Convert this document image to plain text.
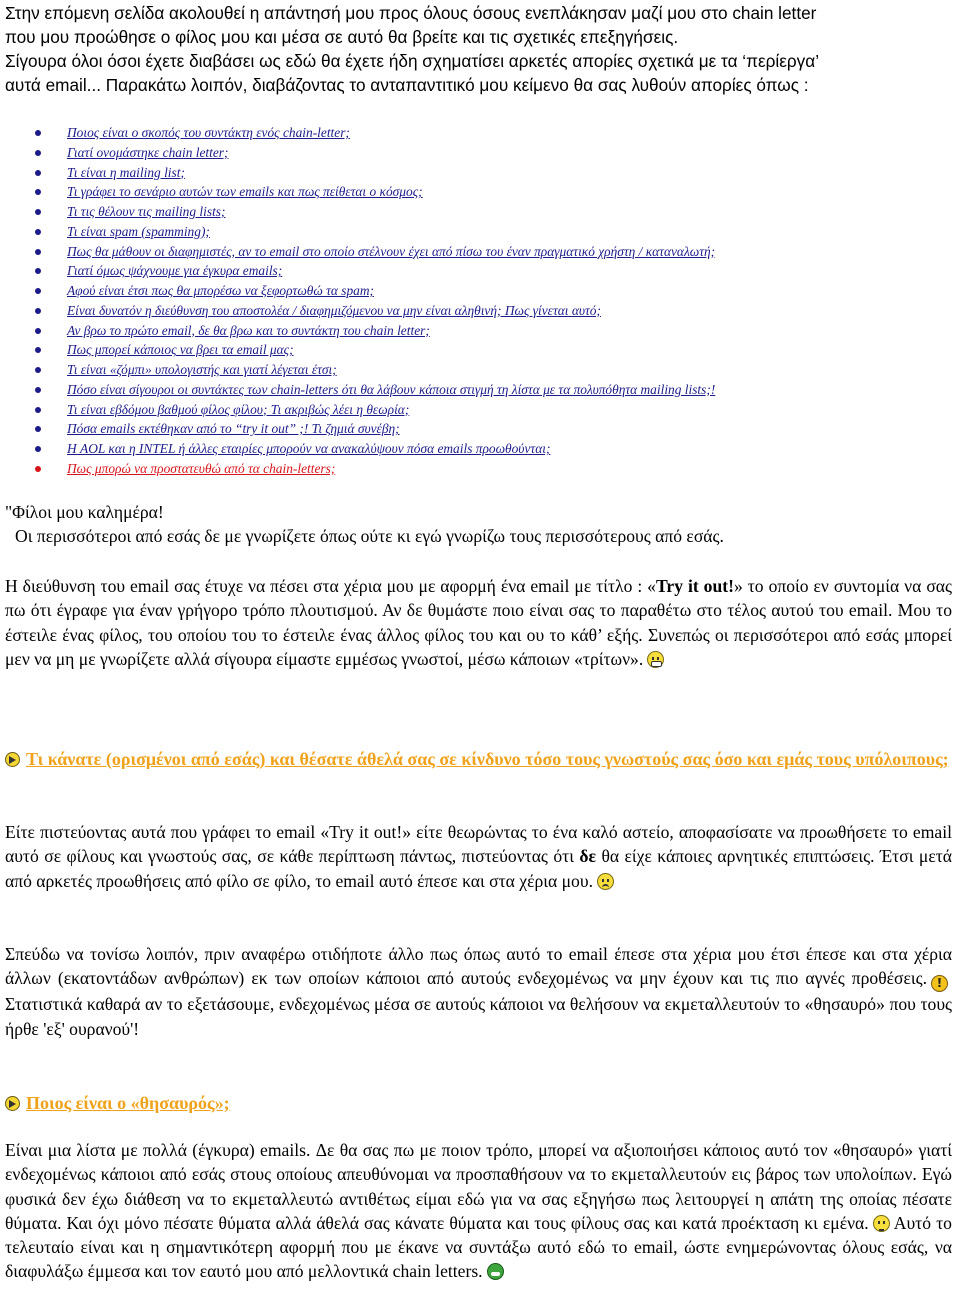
Στην επόμενη σελίδα ακολουθεί η απάντησή μου προς όλους όσους ενεπλάκησαν μαζί μου στο chain letter
που μου προώθησε ο φίλος μου και μέσα σε αυτό θα βρείτε και τις σχετικές επεξηγήσεις.
Σίγουρα όλοι όσοι έχετε διαβάσει ως εδώ θα έχετε ήδη σχηματίσει αρκετές απορίες σχετικά με τα ‘περίεργα’
αυτά email... Παρακάτω λοιπόν, διαβάζοντας το ανταπαντιτικό μου κείμενο θα σας λυθούν απορίες όπως :
Ποιος είναι ο σκοπός του συντάκτη ενός chain-letter;
Γιατί ονομάστηκε chain letter;
Τι είναι η mailing list;
Τι γράφει το σενάριο αυτών των emails και πως πείθεται ο κόσμος;
Τι τις θέλουν τις mailing lists;
Τι είναι spam (spamming);
Πως θα μάθουν οι διαφημιστές, αν το email στο οποίο στέλνουν έχει από πίσω του έναν πραγματικό χρήστη / καταναλωτή;
Γιατί όμως ψάχνουμε για έγκυρα emails;
Αφού είναι έτσι πως θα μπορέσω να ξεφορτωθώ τα spam;
Είναι δυνατόν η διεύθυνση του αποστολέα / διαφημιζόμενου να μην είναι αληθινή; Πως γίνεται αυτό;
Αν βρω το πρώτο email, δε θα βρω και το συντάκτη του chain letter;
Πως μπορεί κάποιος να βρει τα email μας;
Τι είναι «ζόμπι» υπολογιστής και γιατί λέγεται έτσι;
Πόσο είναι σίγουροι οι συντάκτες των chain-letters ότι θα λάβουν κάποια στιγμή τη λίστα με τα πολυπόθητα mailing lists;!
Τι είναι εβδόμου βαθμού φίλος φίλου; Τι ακριβώς λέει η θεωρία;
Πόσα emails εκτέθηκαν από το “try it out” ;! Τι ζημιά συνέβη;
Η AOL και η INTEL ή άλλες εταιρίες μπορούν να ανακαλύψουν πόσα emails προωθούνται;
Πως μπορώ να προστατευθώ από τα chain-letters;

"Φίλοι μου καλημέρα!

Οι περισσότεροι από εσάς δε με γνωρίζετε όπως ούτε κι εγώ γνωρίζω τους περισσότερους από εσάς.

Η διεύθυνση του email σας έτυχε να πέσει στα χέρια μου με αφορμή ένα email με τίτλο : «Try it out!» το οποίο εν συντομία να σας πω ότι έγραφε για έναν γρήγορο τρόπο πλουτισμού. Αν δε θυμάστε ποιο είναι σας το παραθέτω στο τέλος αυτού του email. Μου το έστειλε ένας φίλος, του οποίου του το έστειλε ένας άλλος φίλος του και ου το κάθ’ εξής. Συνεπώς οι περισσότεροι από εσάς μπορεί μεν να μη με γνωρίζετε αλλά σίγουρα είμαστε εμμέσως γνωστοί, μέσω κάποιων «τρίτων».

Τι κάνατε (ορισμένοι από εσάς) και θέσατε άθελά σας σε κίνδυνο τόσο τους γνωστούς σας όσο και εμάς τους υπόλοιπους;

Είτε πιστεύοντας αυτά που γράφει το email «Try it out!» είτε θεωρώντας το ένα καλό αστείο, αποφασίσατε να προωθήσετε το email αυτό σε φίλους και γνωστούς σας, σε κάθε περίπτωση πάντως, πιστεύοντας ότι δε θα είχε κάποιες αρνητικές επιπτώσεις. Έτσι μετά από αρκετές προωθήσεις από φίλο σε φίλο, το email αυτό έπεσε και στα χέρια μου.

Σπεύδω να τονίσω λοιπόν, πριν αναφέρω οτιδήποτε άλλο πως όπως αυτό το email έπεσε στα χέρια μου έτσι έπεσε και στα χέρια άλλων (εκατοντάδων ανθρώπων) εκ των οποίων κάποιοι από αυτούς ενδεχομένως να μην έχουν και τις πιο αγνές προθέσεις. !Στατιστικά καθαρά αν το εξετάσουμε, ενδεχομένως μέσα σε αυτούς κάποιοι να θελήσουν να εκμεταλλευτούν το «θησαυρό» που τους ήρθε 'εξ' ουρανού'!

Ποιος είναι ο «θησαυρός»;

Είναι μια λίστα με πολλά (έγκυρα) emails. Δε θα σας πω με ποιον τρόπο, μπορεί να αξιοποιήσει κάποιος αυτό τον «θησαυρό» γιατί ενδεχομένως κάποιοι από εσάς στους οποίους απευθύνομαι να προσπαθήσουν να το εκμεταλλευτούν εις βάρος των υπολοίπων. Εγώ φυσικά δεν έχω διάθεση να το εκμεταλλευτώ αντιθέτως είμαι εδώ για να σας εξηγήσω πως λειτουργεί η απάτη της οποίας πέσατε θύματα. Και όχι μόνο πέσατε θύματα αλλά άθελά σας κάνατε θύματα και τους φίλους σας και κατά προέκταση κι εμένα. Αυτό το τελευταίο είναι και η σημαντικότερη αφορμή που με έκανε να συντάξω αυτό εδώ το email, ώστε ενημερώνοντας όλους εσάς, να διαφυλάξω έμμεσα και τον εαυτό μου από μελλοντικά chain letters.
